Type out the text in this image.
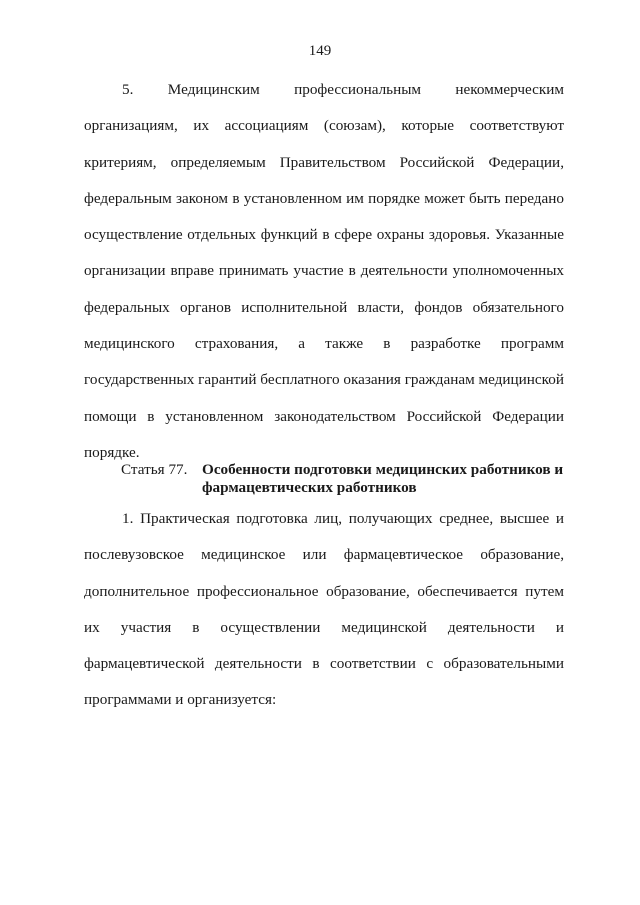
149

5. Медицинским профессиональным некоммерческим организациям, их ассоциациям (союзам), которые соответствуют критериям, определяемым Правительством Российской Федерации, федеральным законом в установленном им порядке может быть передано осуществление отдельных функций в сфере охраны здоровья. Указанные организации вправе принимать участие в деятельности уполномоченных федеральных органов исполнительной власти, фондов обязательного медицинского страхования, а также в разработке программ государственных гарантий бесплатного оказания гражданам медицинской помощи в установленном законодательством Российской Федерации порядке.

Статья 77. Особенности подготовки медицинских работников и фармацевтических работников

1. Практическая подготовка лиц, получающих среднее, высшее и послевузовское медицинское или фармацевтическое образование, дополнительное профессиональное образование, обеспечивается путем их участия в осуществлении медицинской деятельности и фармацевтической деятельности в соответствии с образовательными программами и организуется:
